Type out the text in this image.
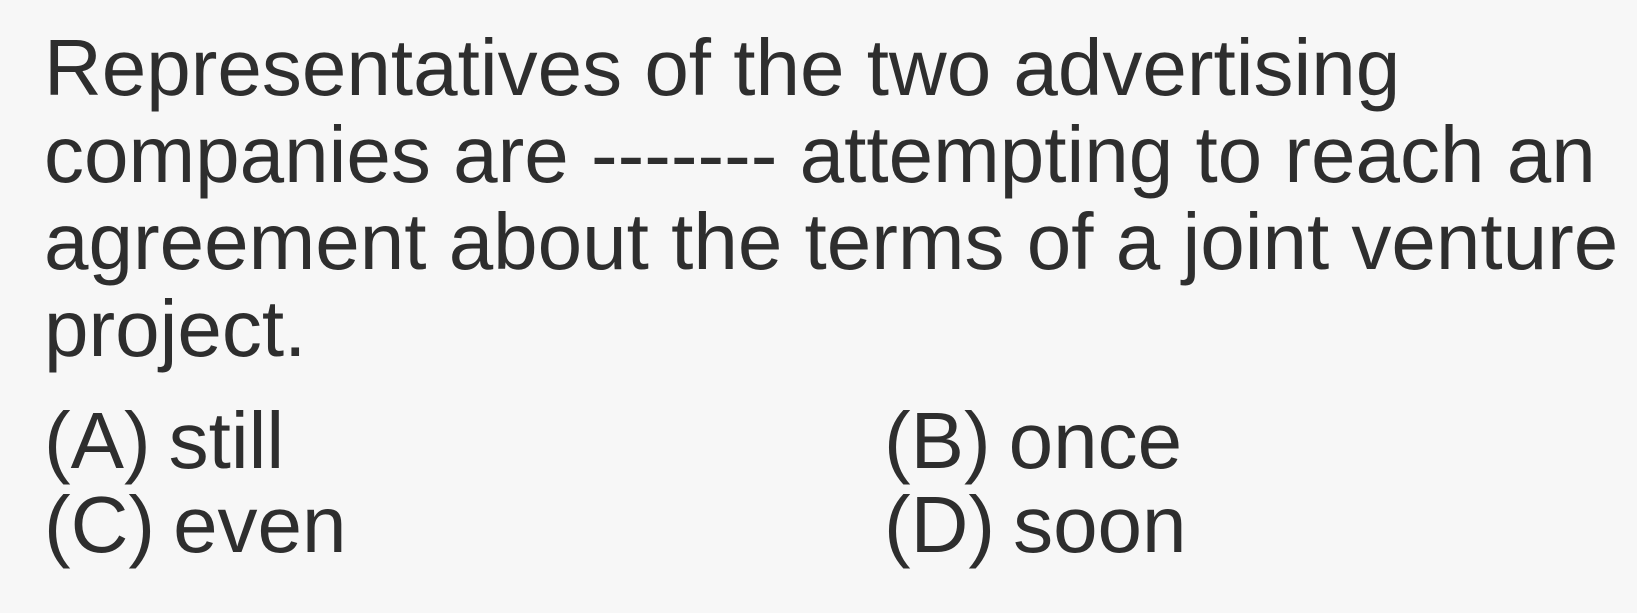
Representatives of the two advertising
companies are ------- attempting to reach an
agreement about the terms of a joint venture
project.
(A) still	(B) once
(C) even	(D) soon
